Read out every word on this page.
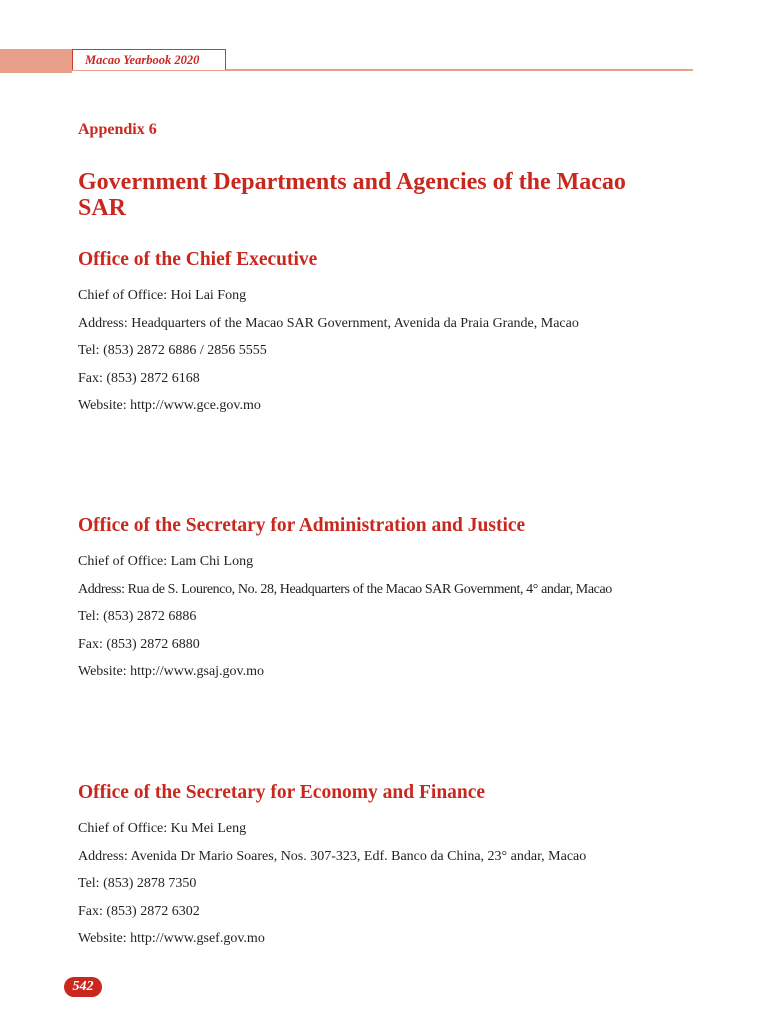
Macao Yearbook 2020
Appendix 6
Government Departments and Agencies of the Macao SAR
Office of the Chief Executive

Chief of Office: Hoi Lai Fong

Address: Headquarters of the Macao SAR Government, Avenida da Praia Grande, Macao

Tel: (853) 2872 6886 / 2856 5555

Fax: (853) 2872 6168

Website: http://www.gce.gov.mo

Office of the Secretary for Administration and Justice

Chief of Office: Lam Chi Long

Address: Rua de S. Lourenco, No. 28, Headquarters of the Macao SAR Government, 4° andar, Macao

Tel: (853) 2872 6886

Fax: (853) 2872 6880

Website: http://www.gsaj.gov.mo

Office of the Secretary for Economy and Finance

Chief of Office: Ku Mei Leng

Address: Avenida Dr Mario Soares, Nos. 307-323, Edf. Banco da China, 23° andar, Macao

Tel: (853) 2878 7350

Fax: (853) 2872 6302

Website: http://www.gsef.gov.mo

542
